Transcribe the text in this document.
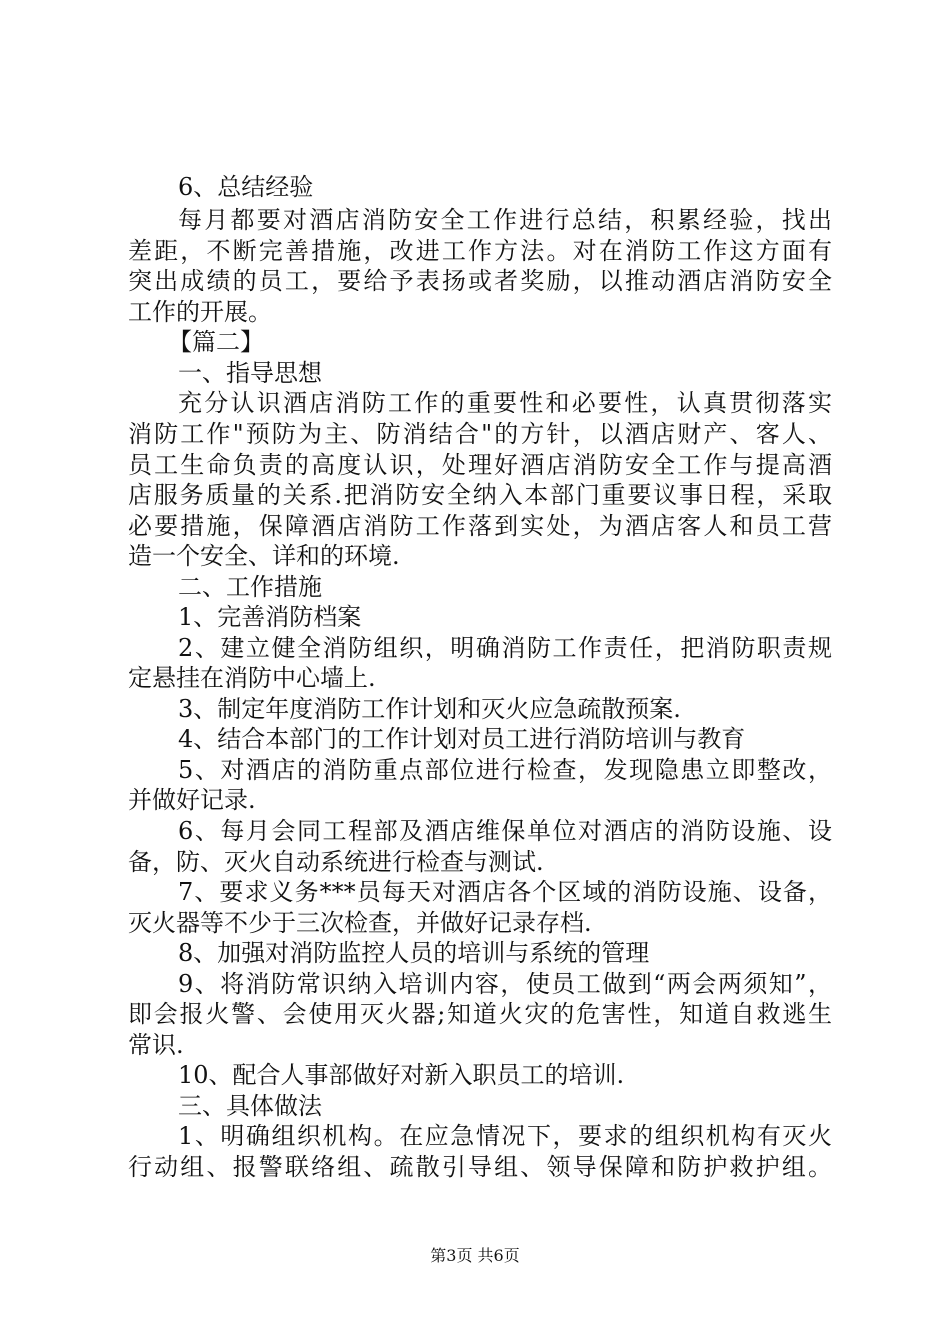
6、总结经验
每月都要对酒店消防安全工作进行总结，积累经验，找出
差距，不断完善措施，改进工作方法。对在消防工作这方面有
突出成绩的员工，要给予表扬或者奖励，以推动酒店消防安全
工作的开展。
【篇二】
一、指导思想
充分认识酒店消防工作的重要性和必要性，认真贯彻落实
消防工作"预防为主、防消结合"的方针，以酒店财产、客人、
员工生命负责的高度认识，处理好酒店消防安全工作与提高酒
店服务质量的关系.把消防安全纳入本部门重要议事日程，采取
必要措施，保障酒店消防工作落到实处，为酒店客人和员工营
造一个安全、详和的环境.
二、工作措施
1、完善消防档案
2、建立健全消防组织，明确消防工作责任，把消防职责规
定悬挂在消防中心墙上.
3、制定年度消防工作计划和灭火应急疏散预案.
4、结合本部门的工作计划对员工进行消防培训与教育
5、对酒店的消防重点部位进行检查，发现隐患立即整改，
并做好记录.
6、每月会同工程部及酒店维保单位对酒店的消防设施、设
备，防、灭火自动系统进行检查与测试.
7、要求义务***员每天对酒店各个区域的消防设施、设备，
灭火器等不少于三次检查，并做好记录存档.
8、加强对消防监控人员的培训与系统的管理
9、将消防常识纳入培训内容，使员工做到“两会两须知”，
即会报火警、会使用灭火器;知道火灾的危害性，知道自救逃生
常识.
10、配合人事部做好对新入职员工的培训.
三、具体做法
1、明确组织机构。在应急情况下，要求的组织机构有灭火
行动组、报警联络组、疏散引导组、领导保障和防护救护组。
第3页 共6页
